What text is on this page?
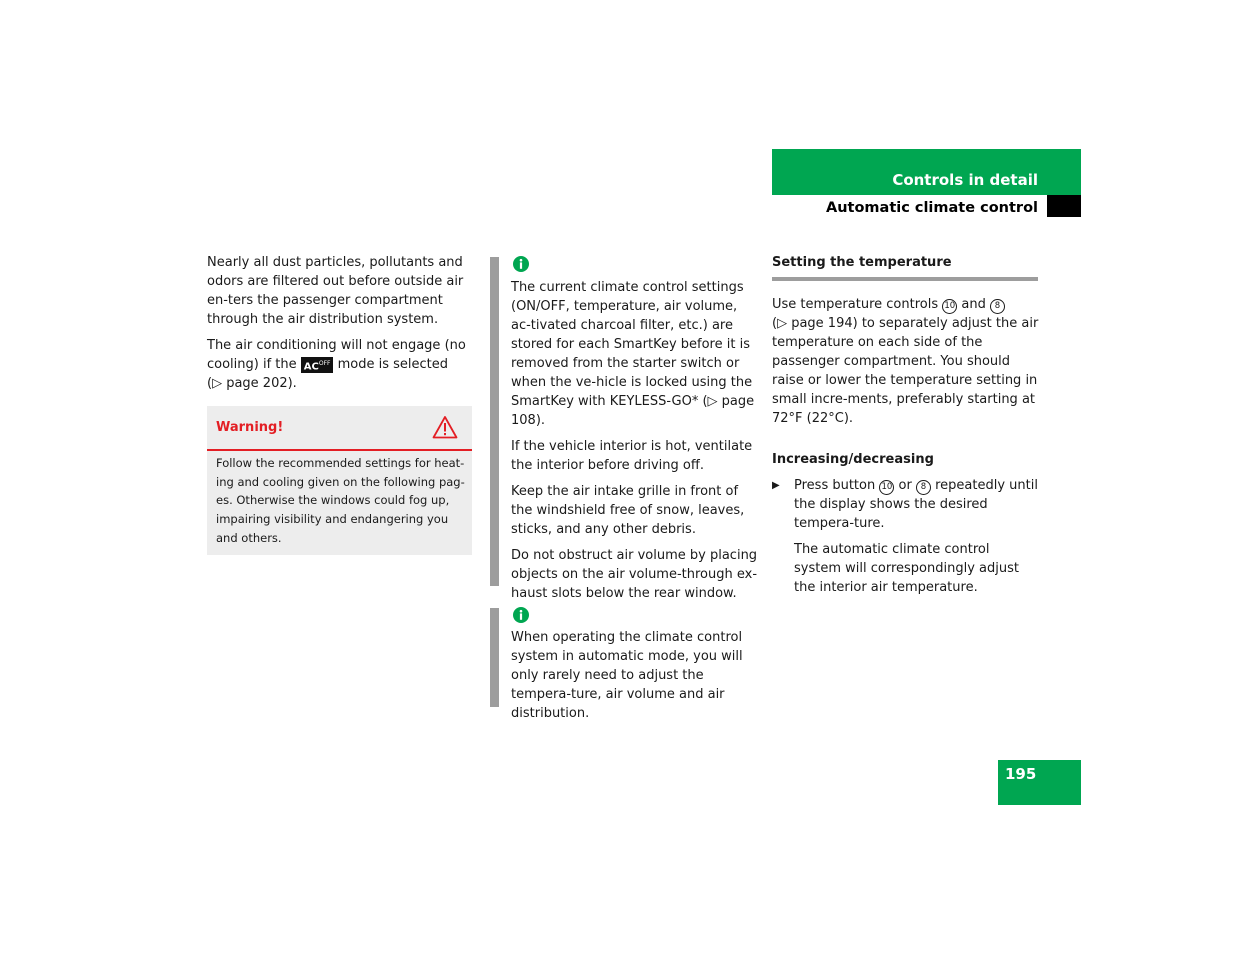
Controls in detail
Automatic climate control

Nearly all dust particles, pollutants and odors are filtered out before outside air en-ters the passenger compartment through the air distribution system.

The air conditioning will not engage (no cooling) if the $AC^{OFF}$ mode is selected
(▷ page 202).

Warning!

Follow the recommended settings for heat-ing and cooling given on the following pag-es. Otherwise the windows could fog up, impairing visibility and endangering you and others.

The current climate control settings (ON/OFF, temperature, air volume, ac-tivated charcoal filter, etc.) are stored for each SmartKey before it is removed from the starter switch or when the ve-hicle is locked using the SmartKey with KEYLESS-GO* (▷ page 108).

If the vehicle interior is hot, ventilate the interior before driving off.

Keep the air intake grille in front of the windshield free of snow, leaves, sticks, and any other debris.

Do not obstruct air volume by placing objects on the air volume-through ex-haust slots below the rear window.

When operating the climate control system in automatic mode, you will only rarely need to adjust the tempera-ture, air volume and air distribution.

Setting the temperature

Use temperature controls 10 and 8
(▷ page 194) to separately adjust the air temperature on each side of the passenger compartment. You should raise or lower the temperature setting in small incre-ments, preferably starting at 72°F (22°C).

Increasing/decreasing

▶ Press button 10 or 8 repeatedly until the display shows the desired tempera-ture.

The automatic climate control system will correspondingly adjust the interior air temperature.

195
